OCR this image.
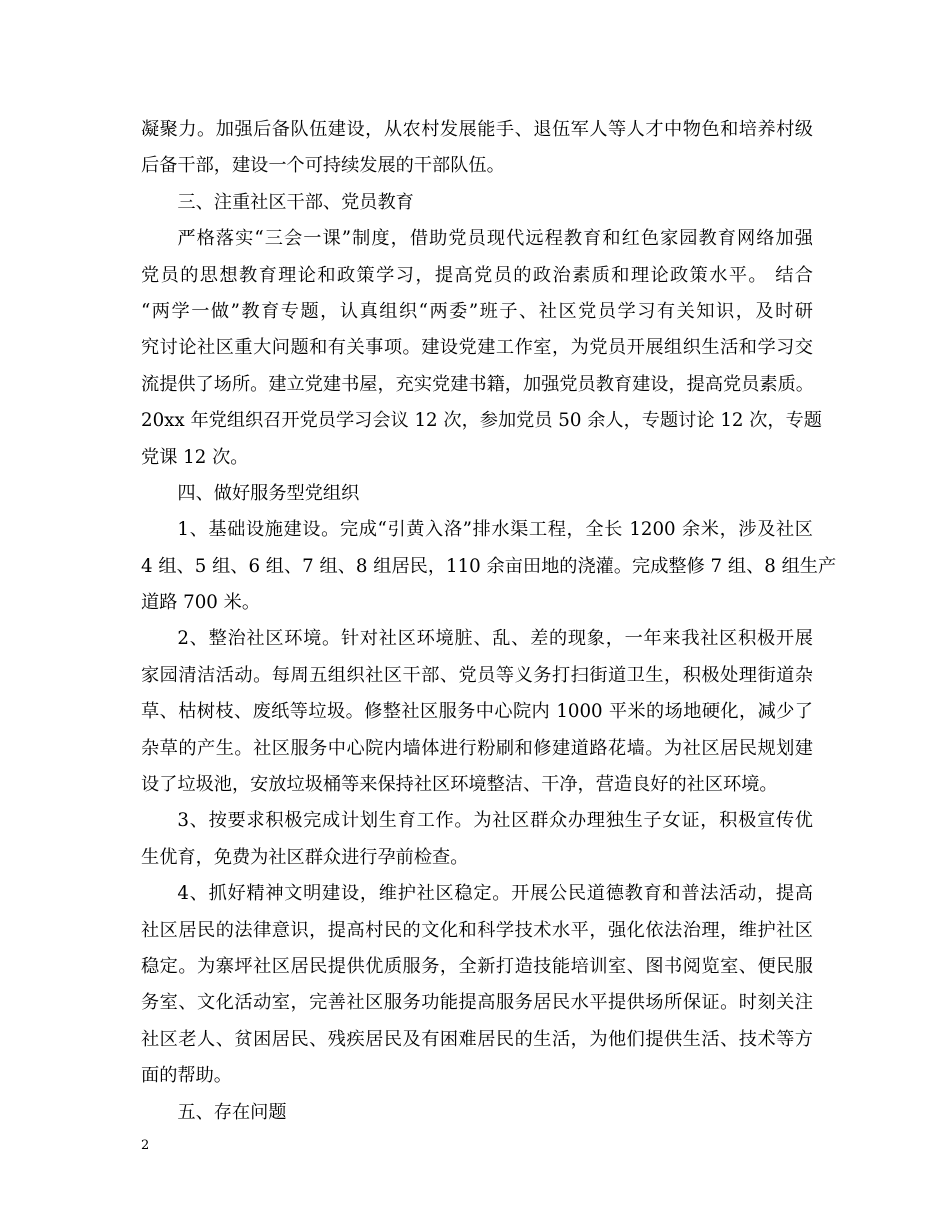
凝聚力。加强后备队伍建设，从农村发展能手、退伍军人等人才中物色和培养村级
后备干部，建设一个可持续发展的干部队伍。
三、注重社区干部、党员教育
严格落实“三会一课”制度，借助党员现代远程教育和红色家园教育网络加强
党员的思想教育理论和政策学习，提高党员的政治素质和理论政策水平。 结合
“两学一做”教育专题，认真组织“两委”班子、社区党员学习有关知识，及时研
究讨论社区重大问题和有关事项。建设党建工作室，为党员开展组织生活和学习交
流提供了场所。建立党建书屋，充实党建书籍，加强党员教育建设，提高党员素质。
20xx 年党组织召开党员学习会议 12 次，参加党员 50 余人，专题讨论 12 次，专题
党课 12 次。
四、做好服务型党组织
1、基础设施建设。完成“引黄入洛”排水渠工程，全长 1200 余米，涉及社区
4 组、5 组、6 组、7 组、8 组居民，110 余亩田地的浇灌。完成整修 7 组、8 组生产
道路 700 米。
2、整治社区环境。针对社区环境脏、乱、差的现象，一年来我社区积极开展
家园清洁活动。每周五组织社区干部、党员等义务打扫街道卫生，积极处理街道杂
草、枯树枝、废纸等垃圾。修整社区服务中心院内 1000 平米的场地硬化，减少了
杂草的产生。社区服务中心院内墙体进行粉刷和修建道路花墙。为社区居民规划建
设了垃圾池，安放垃圾桶等来保持社区环境整洁、干净，营造良好的社区环境。
3、按要求积极完成计划生育工作。为社区群众办理独生子女证，积极宣传优
生优育，免费为社区群众进行孕前检查。
4、抓好精神文明建设，维护社区稳定。开展公民道德教育和普法活动，提高
社区居民的法律意识，提高村民的文化和科学技术水平，强化依法治理，维护社区
稳定。为寨坪社区居民提供优质服务，全新打造技能培训室、图书阅览室、便民服
务室、文化活动室，完善社区服务功能提高服务居民水平提供场所保证。时刻关注
社区老人、贫困居民、残疾居民及有困难居民的生活，为他们提供生活、技术等方
面的帮助。
五、存在问题
2
